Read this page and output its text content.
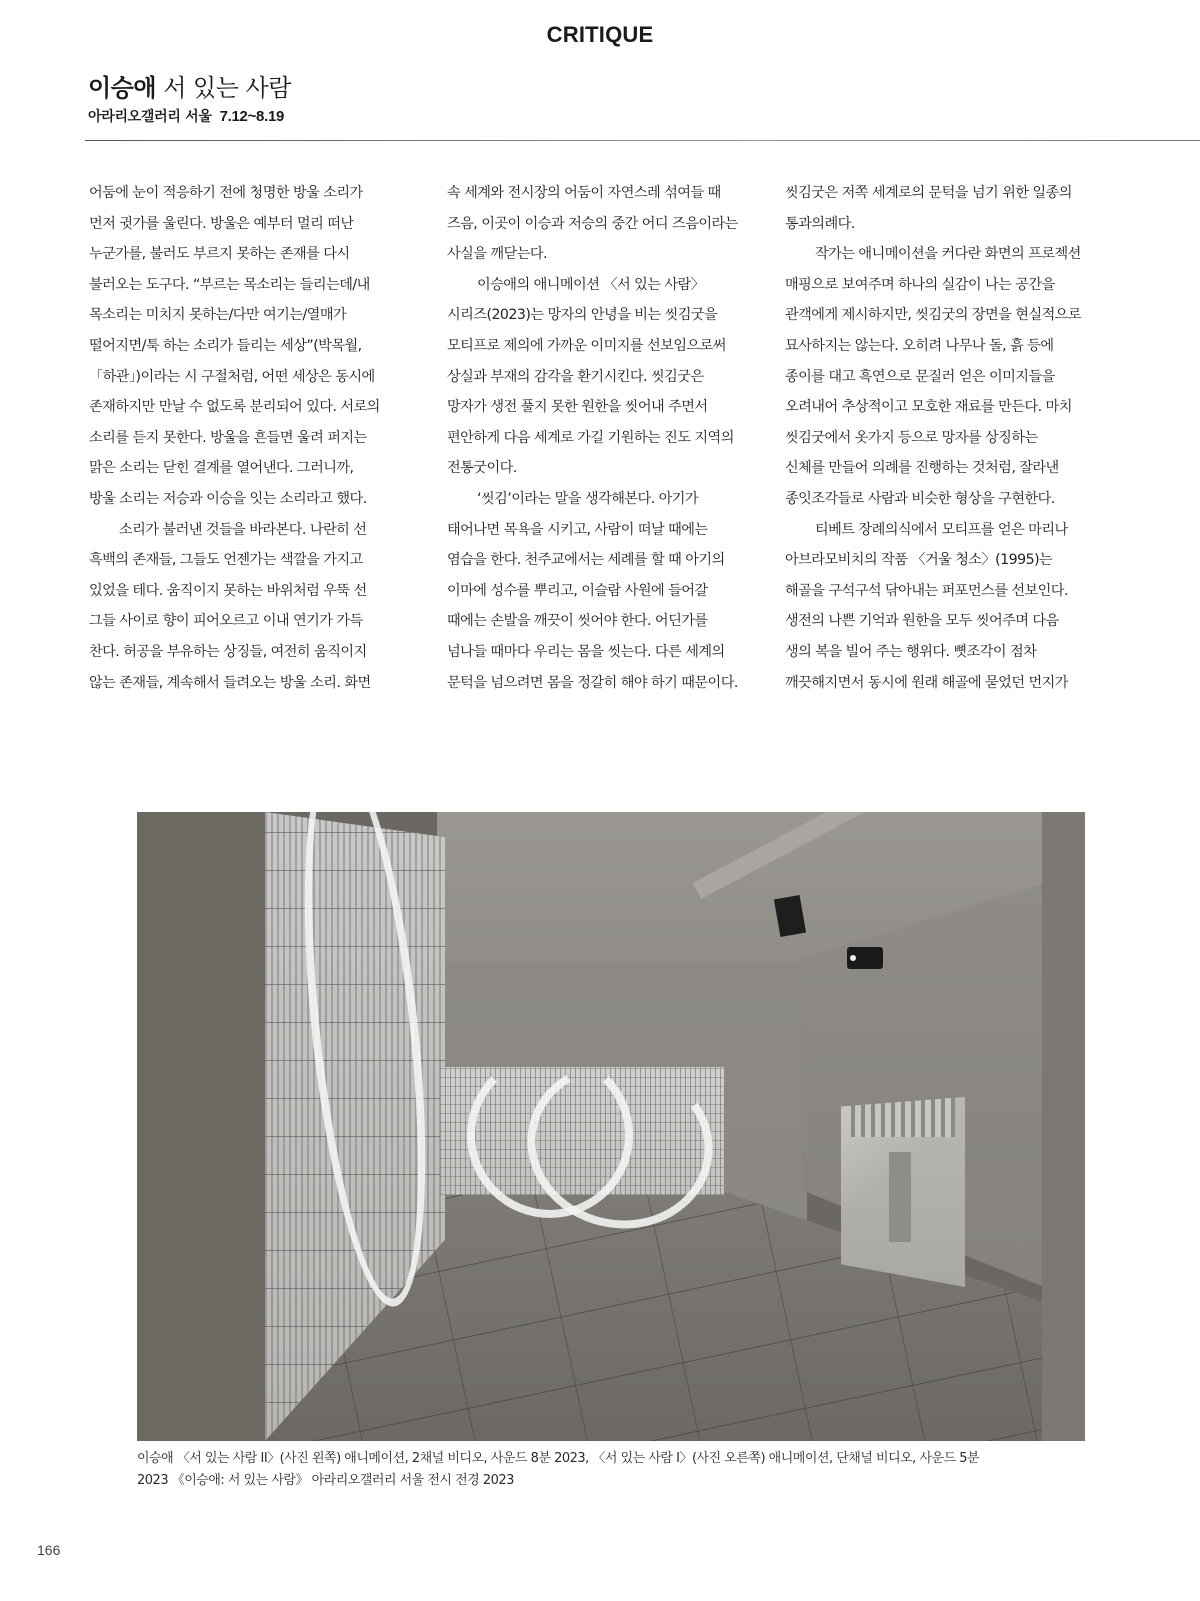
CRITIQUE
이승애 서 있는 사람
아라리오갤러리 서울 7.12~8.19

어둠에 눈이 적응하기 전에 청명한 방울 소리가

먼저 귓가를 울린다. 방울은 예부터 멀리 떠난

누군가를, 불러도 부르지 못하는 존재를 다시

불러오는 도구다. “부르는 목소리는 들리는데/내

목소리는 미치지 못하는/다만 여기는/열매가

떨어지면/툭 하는 소리가 들리는 세상”(박목월,

「하관」)이라는 시 구절처럼, 어떤 세상은 동시에

존재하지만 만날 수 없도록 분리되어 있다. 서로의

소리를 듣지 못한다. 방울을 흔들면 울려 퍼지는

맑은 소리는 닫힌 결계를 열어낸다. 그러니까,

방울 소리는 저승과 이승을 잇는 소리라고 했다.

소리가 불러낸 것들을 바라본다. 나란히 선

흑백의 존재들, 그들도 언젠가는 색깔을 가지고

있었을 테다. 움직이지 못하는 바위처럼 우뚝 선

그들 사이로 향이 피어오르고 이내 연기가 가득

찬다. 허공을 부유하는 상징들, 여전히 움직이지

않는 존재들, 계속해서 들려오는 방울 소리. 화면

속 세계와 전시장의 어둠이 자연스레 섞여들 때

즈음, 이곳이 이승과 저승의 중간 어디 즈음이라는

사실을 깨닫는다.

이승애의 애니메이션 〈서 있는 사람〉

시리즈(2023)는 망자의 안녕을 비는 씻김굿을

모티프로 제의에 가까운 이미지를 선보임으로써

상실과 부재의 감각을 환기시킨다. 씻김굿은

망자가 생전 풀지 못한 원한을 씻어내 주면서

편안하게 다음 세계로 가길 기원하는 진도 지역의

전통굿이다.

‘씻김’이라는 말을 생각해본다. 아기가

태어나면 목욕을 시키고, 사람이 떠날 때에는

염습을 한다. 천주교에서는 세례를 할 때 아기의

이마에 성수를 뿌리고, 이슬람 사원에 들어갈

때에는 손발을 깨끗이 씻어야 한다. 어딘가를

넘나들 때마다 우리는 몸을 씻는다. 다른 세계의

문턱을 넘으려면 몸을 정갈히 해야 하기 때문이다.

씻김굿은 저쪽 세계로의 문턱을 넘기 위한 일종의

통과의례다.

작가는 애니메이션을 커다란 화면의 프로젝션

매핑으로 보여주며 하나의 실감이 나는 공간을

관객에게 제시하지만, 씻김굿의 장면을 현실적으로

묘사하지는 않는다. 오히려 나무나 돌, 흙 등에

종이를 대고 흑연으로 문질러 얻은 이미지들을

오려내어 추상적이고 모호한 재료를 만든다. 마치

씻김굿에서 옷가지 등으로 망자를 상징하는

신체를 만들어 의례를 진행하는 것처럼, 잘라낸

종잇조각들로 사람과 비슷한 형상을 구현한다.

티베트 장례의식에서 모티프를 얻은 마리나

아브라모비치의 작품 〈거울 청소〉(1995)는

해골을 구석구석 닦아내는 퍼포먼스를 선보인다.

생전의 나쁜 기억과 원한을 모두 씻어주며 다음

생의 복을 빌어 주는 행위다. 뼛조각이 점차

깨끗해지면서 동시에 원래 해골에 묻었던 먼지가

이승애 〈서 있는 사람 II〉(사진 왼쪽) 애니메이션, 2채널 비디오, 사운드 8분 2023, 〈서 있는 사람 I〉(사진 오른쪽) 애니메이션, 단채널 비디오, 사운드 5분

2023 《이승애: 서 있는 사람》 아라리오갤러리 서울 전시 전경 2023

166
